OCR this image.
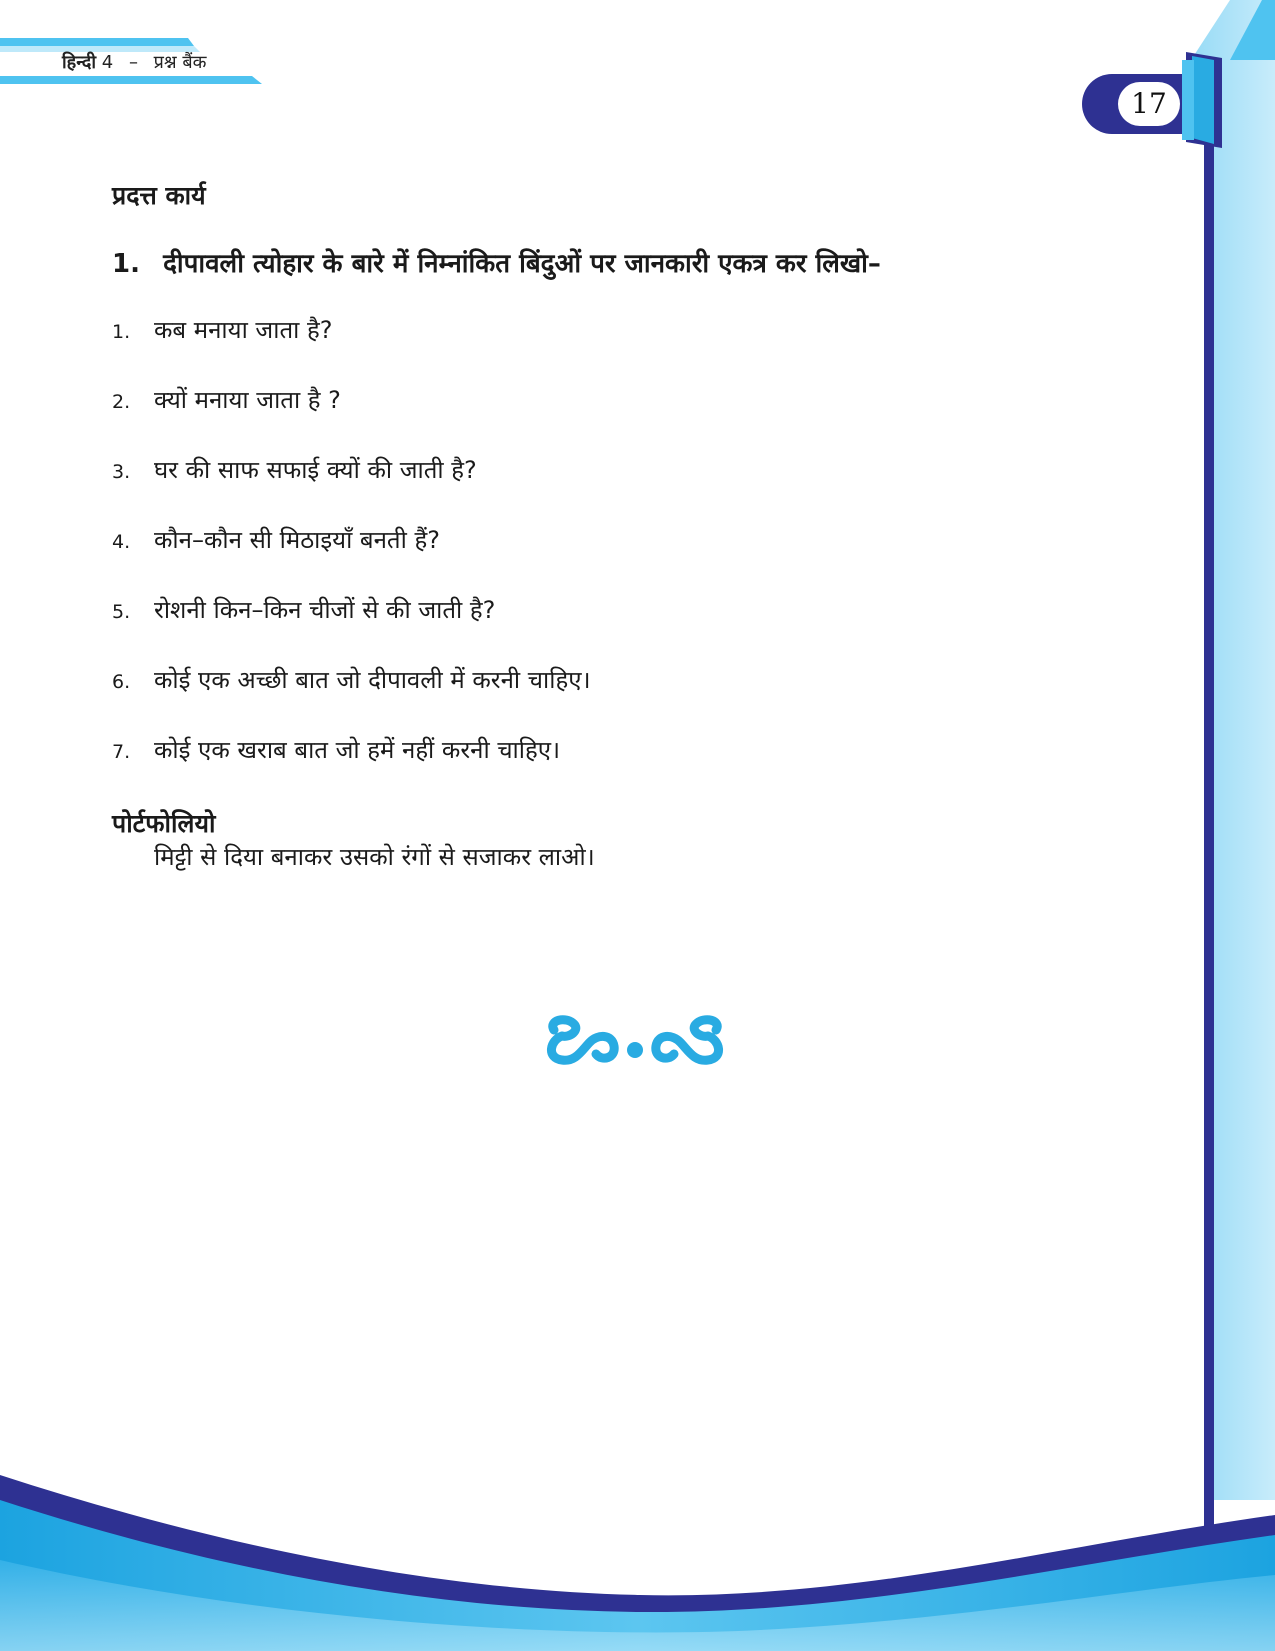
हिन्दी 4 – प्रश्न बैंक
17
प्रदत्त कार्य
1. दीपावली त्योहार के बारे में निम्नांकित बिंदुओं पर जानकारी एकत्र कर लिखो–
1. कब मनाया जाता है?
2. क्यों मनाया जाता है ?
3. घर की साफ सफाई क्यों की जाती है?
4. कौन–कौन सी मिठाइयाँ बनती हैं?
5. रोशनी किन–किन चीजों से की जाती है?
6. कोई एक अच्छी बात जो दीपावली में करनी चाहिए।
7. कोई एक खराब बात जो हमें नहीं करनी चाहिए।
पोर्टफोलियो
मिट्टी से दिया बनाकर उसको रंगों से सजाकर लाओ।
